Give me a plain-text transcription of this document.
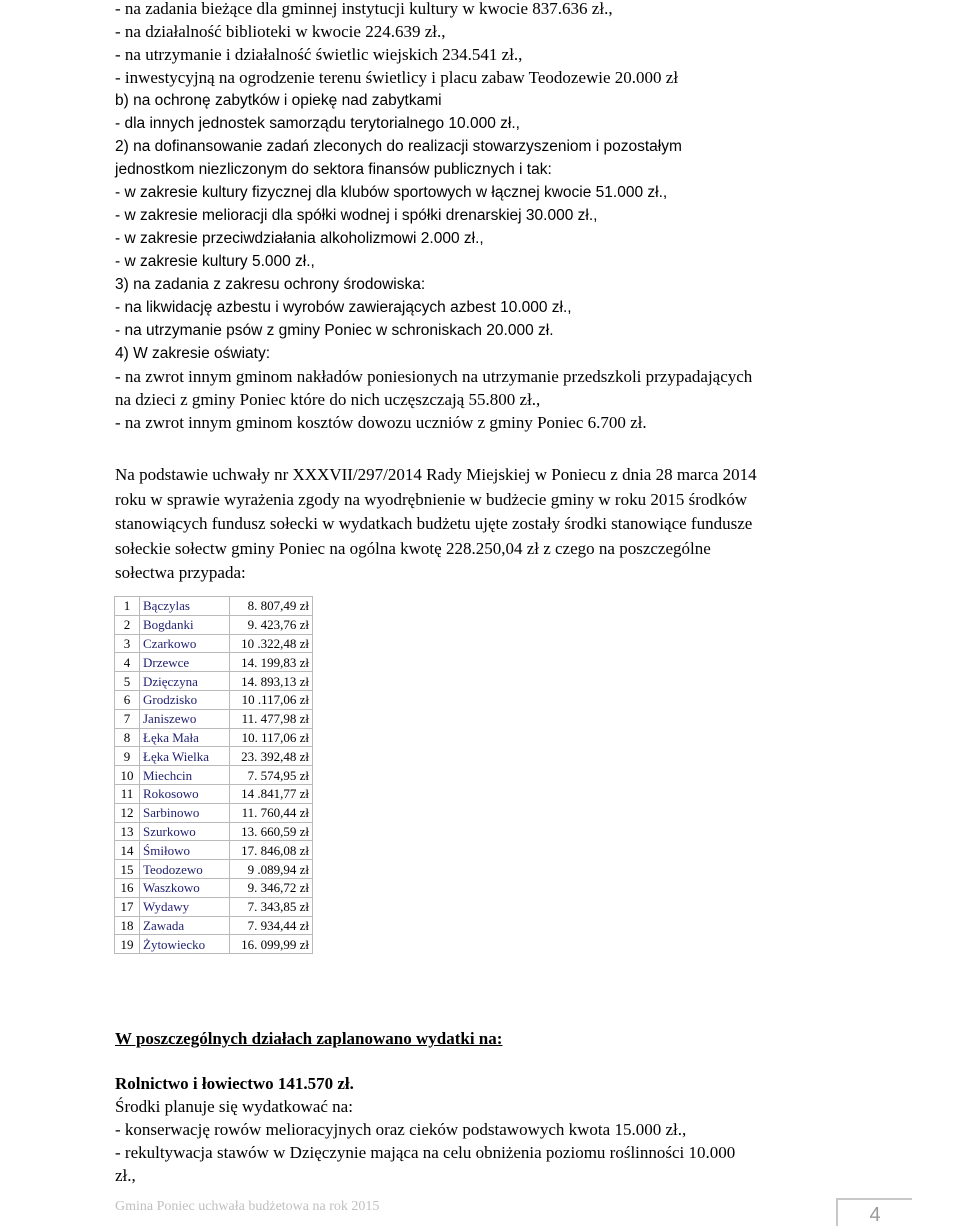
- na zadania bieżące dla gminnej instytucji kultury w kwocie 837.636 zł.,
- na działalność biblioteki w kwocie 224.639 zł.,
- na utrzymanie i działalność świetlic wiejskich 234.541 zł.,
- inwestycyjną na ogrodzenie terenu świetlicy i placu zabaw Teodozewie 20.000 zł
b) na ochronę zabytków i opiekę nad zabytkami
- dla innych jednostek samorządu terytorialnego 10.000 zł.,
2) na dofinansowanie zadań zleconych do realizacji stowarzyszeniom i pozostałym
jednostkom niezliczonym do sektora finansów publicznych i tak:
- w zakresie kultury fizycznej dla klubów sportowych w łącznej kwocie 51.000 zł.,
- w zakresie melioracji dla spółki wodnej i spółki drenarskiej 30.000 zł.,
- w zakresie przeciwdziałania alkoholizmowi 2.000 zł.,
- w zakresie kultury 5.000 zł.,
3) na zadania z zakresu ochrony środowiska:
- na likwidację azbestu i wyrobów zawierających azbest 10.000 zł.,
- na utrzymanie psów z gminy Poniec w schroniskach 20.000 zł.
4) W zakresie oświaty:
- na zwrot innym gminom nakładów poniesionych na utrzymanie przedszkoli przypadających
na dzieci z gminy Poniec które do nich uczęszczają 55.800 zł.,
- na zwrot innym gminom kosztów dowozu uczniów z gminy Poniec 6.700 zł.
Na podstawie uchwały nr XXXVII/297/2014 Rady Miejskiej w Poniecu z dnia 28 marca 2014
roku w sprawie wyrażenia zgody na wyodrębnienie w budżecie gminy w roku 2015 środków
stanowiących fundusz sołecki w wydatkach budżetu ujęte zostały środki stanowiące fundusze
sołeckie sołectw gminy Poniec na ogólna kwotę 228.250,04 zł z czego na poszczególne
sołectwa przypada:
1	Bączylas	8. 807,49 zł
2	Bogdanki	9. 423,76 zł
3	Czarkowo	10 .322,48 zł
4	Drzewce	14. 199,83 zł
5	Dzięczyna	14. 893,13 zł
6	Grodzisko	10 .117,06 zł
7	Janiszewo	11. 477,98 zł
8	Łęka Mała	10. 117,06 zł
9	Łęka Wielka	23. 392,48 zł
10	Miechcin	7. 574,95 zł
11	Rokosowo	14 .841,77 zł
12	Sarbinowo	11. 760,44 zł
13	Szurkowo	13. 660,59 zł
14	Śmiłowo	17. 846,08 zł
15	Teodozewo	9 .089,94 zł
16	Waszkowo	9. 346,72 zł
17	Wydawy	7. 343,85 zł
18	Zawada	7. 934,44 zł
19	Żytowiecko	16. 099,99 zł
W poszczególnych działach zaplanowano wydatki na:
Rolnictwo i łowiectwo 141.570 zł.
Środki planuje się wydatkować na:
- konserwację rowów melioracyjnych oraz cieków podstawowych kwota 15.000 zł.,
- rekultywacja stawów w Dzięczynie mająca na celu obniżenia poziomu roślinności 10.000
zł.,
Gmina Poniec uchwała budżetowa na rok 2015	4
